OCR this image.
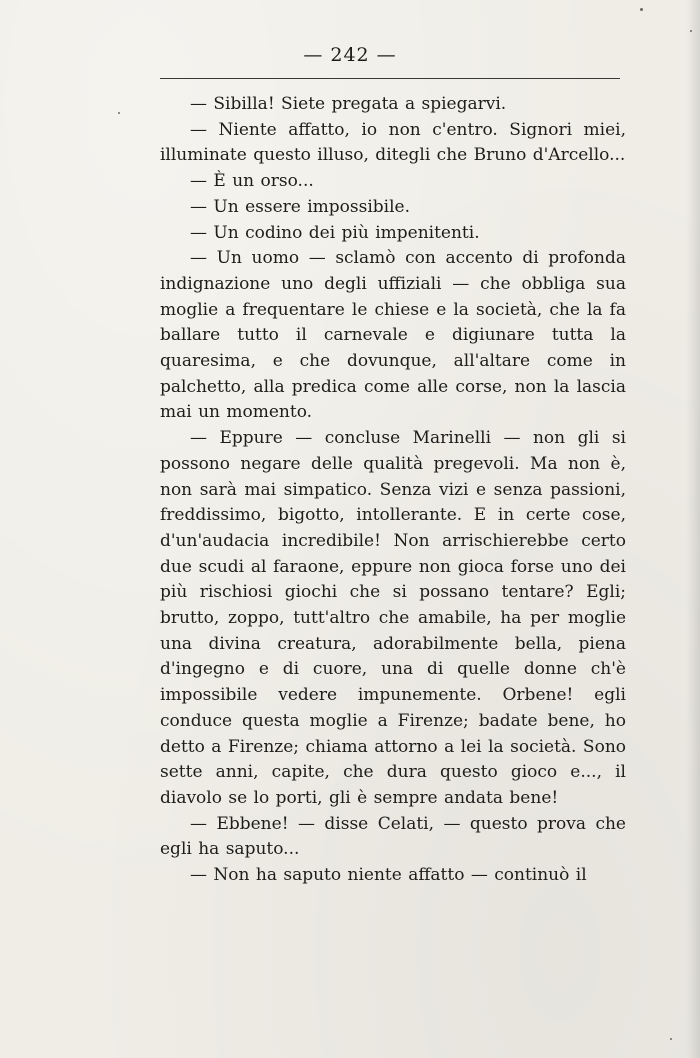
— 242 —

— Sibilla! Siete pregata a spiegarvi.

— Niente affatto, io non c'entro. Signori miei, illuminate questo illuso, ditegli che Bruno d'Arcello...

— È un orso...

— Un essere impossibile.

— Un codino dei più impenitenti.

— Un uomo — sclamò con accento di profonda indignazione uno degli uffiziali — che obbliga sua moglie a frequentare le chiese e la società, che la fa ballare tutto il carnevale e digiunare tutta la quaresima, e che dovunque, all'altare come in palchetto, alla predica come alle corse, non la lascia mai un momento.

— Eppure — concluse Marinelli — non gli si possono negare delle qualità pregevoli. Ma non è, non sarà mai simpatico. Senza vizi e senza passioni, freddissimo, bigotto, intollerante. E in certe cose, d'un'audacia incredibile! Non arrischierebbe certo due scudi al faraone, eppure non gioca forse uno dei più rischiosi giochi che si possano tentare? Egli; brutto, zoppo, tutt'altro che amabile, ha per moglie una divina creatura, adorabilmente bella, piena d'ingegno e di cuore, una di quelle donne ch'è impossibile vedere impunemente. Orbene! egli conduce questa moglie a Firenze; badate bene, ho detto a Firenze; chiama attorno a lei la società. Sono sette anni, capite, che dura questo gioco e..., il diavolo se lo porti, gli è sempre andata bene!

— Ebbene! — disse Celati, — questo prova che egli ha saputo...

— Non ha saputo niente affatto — continuò il
